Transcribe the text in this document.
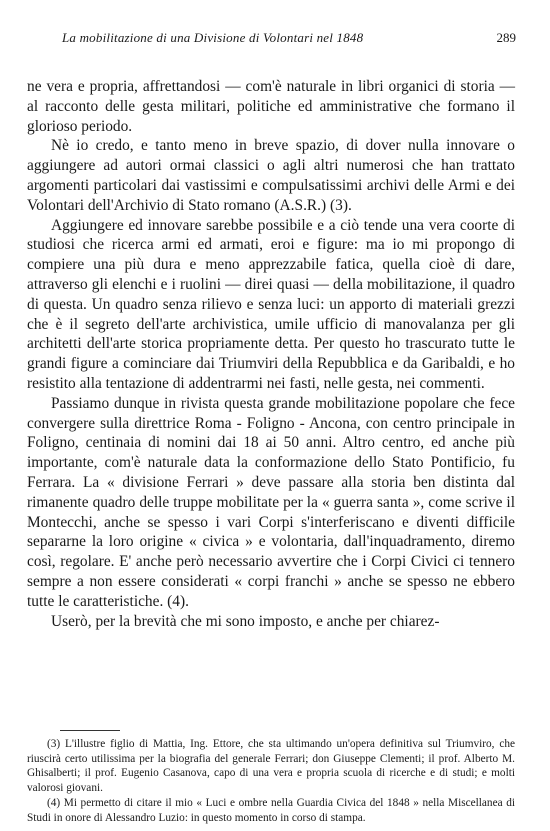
La mobilitazione di una Divisione di Volontari nel 1848	289

ne vera e propria, affrettandosi — com'è naturale in libri organici di storia — al racconto delle gesta militari, politiche ed amministrative che formano il glorioso periodo.

Nè io credo, e tanto meno in breve spazio, di dover nulla innovare o aggiungere ad autori ormai classici o agli altri numerosi che han trattato argomenti particolari dai vastissimi e compulsatissimi archivi delle Armi e dei Volontari dell'Archivio di Stato romano (A.S.R.) (3).

Aggiungere ed innovare sarebbe possibile e a ciò tende una vera coorte di studiosi che ricerca armi ed armati, eroi e figure: ma io mi propongo di compiere una più dura e meno apprezzabile fatica, quella cioè di dare, attraverso gli elenchi e i ruolini — direi quasi — della mobilitazione, il quadro di questa. Un quadro senza rilievo e senza luci: un apporto di materiali grezzi che è il segreto dell'arte archivistica, umile ufficio di manovalanza per gli architetti dell'arte storica propriamente detta. Per questo ho trascurato tutte le grandi figure a cominciare dai Triumviri della Repubblica e da Garibaldi, e ho resistito alla tentazione di addentrarmi nei fasti, nelle gesta, nei commenti.

Passiamo dunque in rivista questa grande mobilitazione popolare che fece convergere sulla direttrice Roma - Foligno - Ancona, con centro principale in Foligno, centinaia di nomini dai 18 ai 50 anni. Altro centro, ed anche più importante, com'è naturale data la conformazione dello Stato Pontificio, fu Ferrara. La « divisione Ferrari » deve passare alla storia ben distinta dal rimanente quadro delle truppe mobilitate per la « guerra santa », come scrive il Montecchi, anche se spesso i vari Corpi s'interferiscano e diventi difficile separarne la loro origine « civica » e volontaria, dall'inquadramento, diremo così, regolare. E' anche però necessario avvertire che i Corpi Civici ci tennero sempre a non essere considerati « corpi franchi » anche se spesso ne ebbero tutte le caratteristiche. (4).

Userò, per la brevità che mi sono imposto, e anche per chiarez-

(3) L'illustre figlio di Mattia, Ing. Ettore, che sta ultimando un'opera definitiva sul Triumviro, che riuscirà certo utilissima per la biografia del generale Ferrari; don Giuseppe Clementi; il prof. Alberto M. Ghisalberti; il prof. Eugenio Casanova, capo di una vera e propria scuola di ricerche e di studi; e molti valorosi giovani.

(4) Mi permetto di citare il mio « Luci e ombre nella Guardia Civica del 1848 » nella Miscellanea di Studi in onore di Alessandro Luzio: in questo momento in corso di stampa.
